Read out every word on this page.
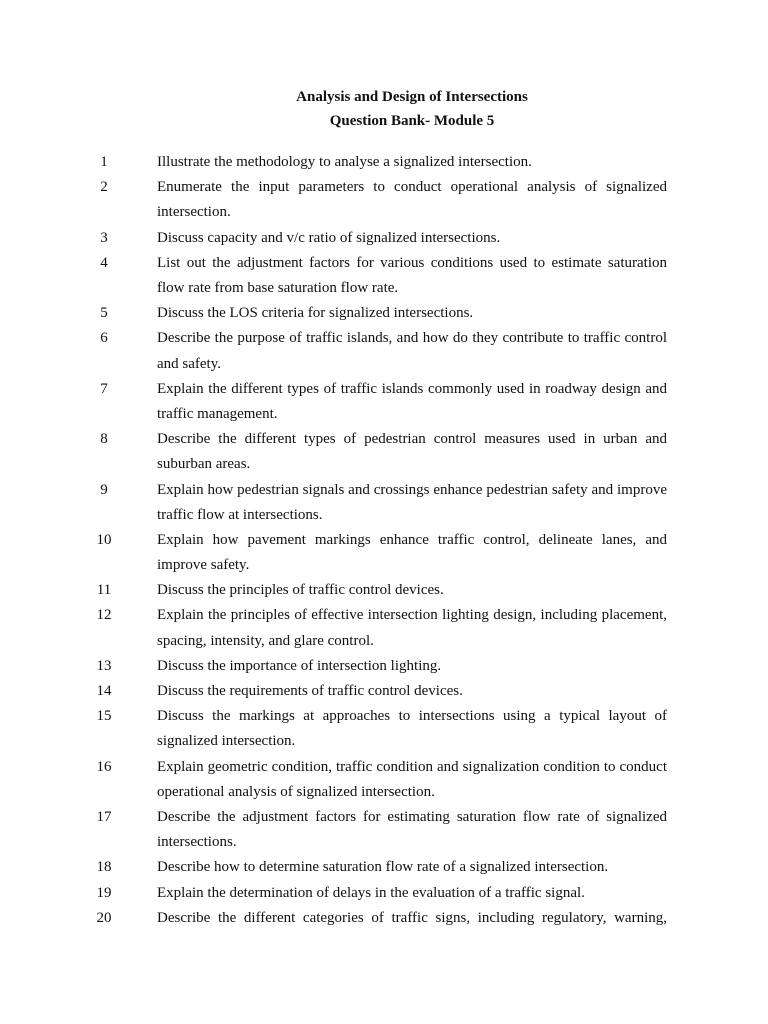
Analysis and Design of Intersections
Question Bank- Module 5
1	Illustrate the methodology to analyse a signalized intersection.

2	Enumerate the input parameters to conduct operational analysis of signalized intersection.

3	Discuss capacity and v/c ratio of signalized intersections.

4	List out the adjustment factors for various conditions used to estimate saturation flow rate from base saturation flow rate.

5	Discuss the LOS criteria for signalized intersections.

6	Describe the purpose of traffic islands, and how do they contribute to traffic control and safety.

7	Explain the different types of traffic islands commonly used in roadway design and traffic management.

8	Describe the different types of pedestrian control measures used in urban and suburban areas.

9	Explain how pedestrian signals and crossings enhance pedestrian safety and improve traffic flow at intersections.

10	Explain how pavement markings enhance traffic control, delineate lanes, and improve safety.

11	Discuss the principles of traffic control devices.

12	Explain the principles of effective intersection lighting design, including placement, spacing, intensity, and glare control.

13	Discuss the importance of intersection lighting.

14	Discuss the requirements of traffic control devices.

15	Discuss the markings at approaches to intersections using a typical layout of signalized intersection.

16	Explain geometric condition, traffic condition and signalization condition to conduct operational analysis of signalized intersection.

17	Describe the adjustment factors for estimating saturation flow rate of signalized intersections.

18	Describe how to determine saturation flow rate of a signalized intersection.

19	Explain the determination of delays in the evaluation of a traffic signal.

20	Describe the different categories of traffic signs, including regulatory, warning,
